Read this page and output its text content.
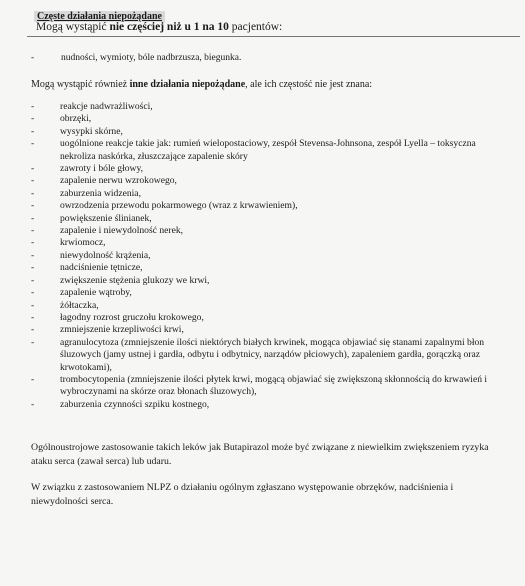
Częste działania niepożądane
Mogą wystąpić nie częściej niż u 1 na 10 pacjentów:
-	nudności, wymioty, bóle nadbrzusza, biegunka.
Mogą wystąpić również inne działania niepożądane, ale ich częstość nie jest znana:
-	reakcje nadwrażliwości,
-	obrzęki,
-	wysypki skórne,
-	uogólnione reakcje takie jak: rumień wielopostaciowy, zespół Stevensa-Johnsona, zespół Lyella – toksyczna nekroliza naskórka, złuszczające zapalenie skóry
-	zawroty i bóle głowy,
-	zapalenie nerwu wzrokowego,
-	zaburzenia widzenia,
-	owrzodzenia przewodu pokarmowego (wraz z krwawieniem),
-	powiększenie ślinianek,
-	zapalenie i niewydolność nerek,
-	krwiomocz,
-	niewydolność krążenia,
-	nadciśnienie tętnicze,
-	zwiększenie stężenia glukozy we krwi,
-	zapalenie wątroby,
-	żółtaczka,
-	łagodny rozrost gruczołu krokowego,
-	zmniejszenie krzepliwości krwi,
-	agranulocytoza (zmniejszenie ilości niektórych białych krwinek, mogąca objawiać się stanami zapalnymi błon śluzowych (jamy ustnej i gardła, odbytu i odbytnicy, narządów płciowych), zapaleniem gardła, gorączką oraz krwotokami),
-	trombocytopenia (zmniejszenie ilości płytek krwi, mogącą objawiać się zwiększoną skłonnością do krwawień i wybroczynami na skórze oraz błonach śluzowych),
-	zaburzenia czynności szpiku kostnego,
Ogólnoustrojowe zastosowanie takich leków jak Butapirazol może być związane z niewielkim zwiększeniem ryzyka ataku serca (zawał serca) lub udaru.
W związku z zastosowaniem NLPZ o działaniu ogólnym zgłaszano występowanie obrzęków, nadciśnienia i niewydolności serca.
